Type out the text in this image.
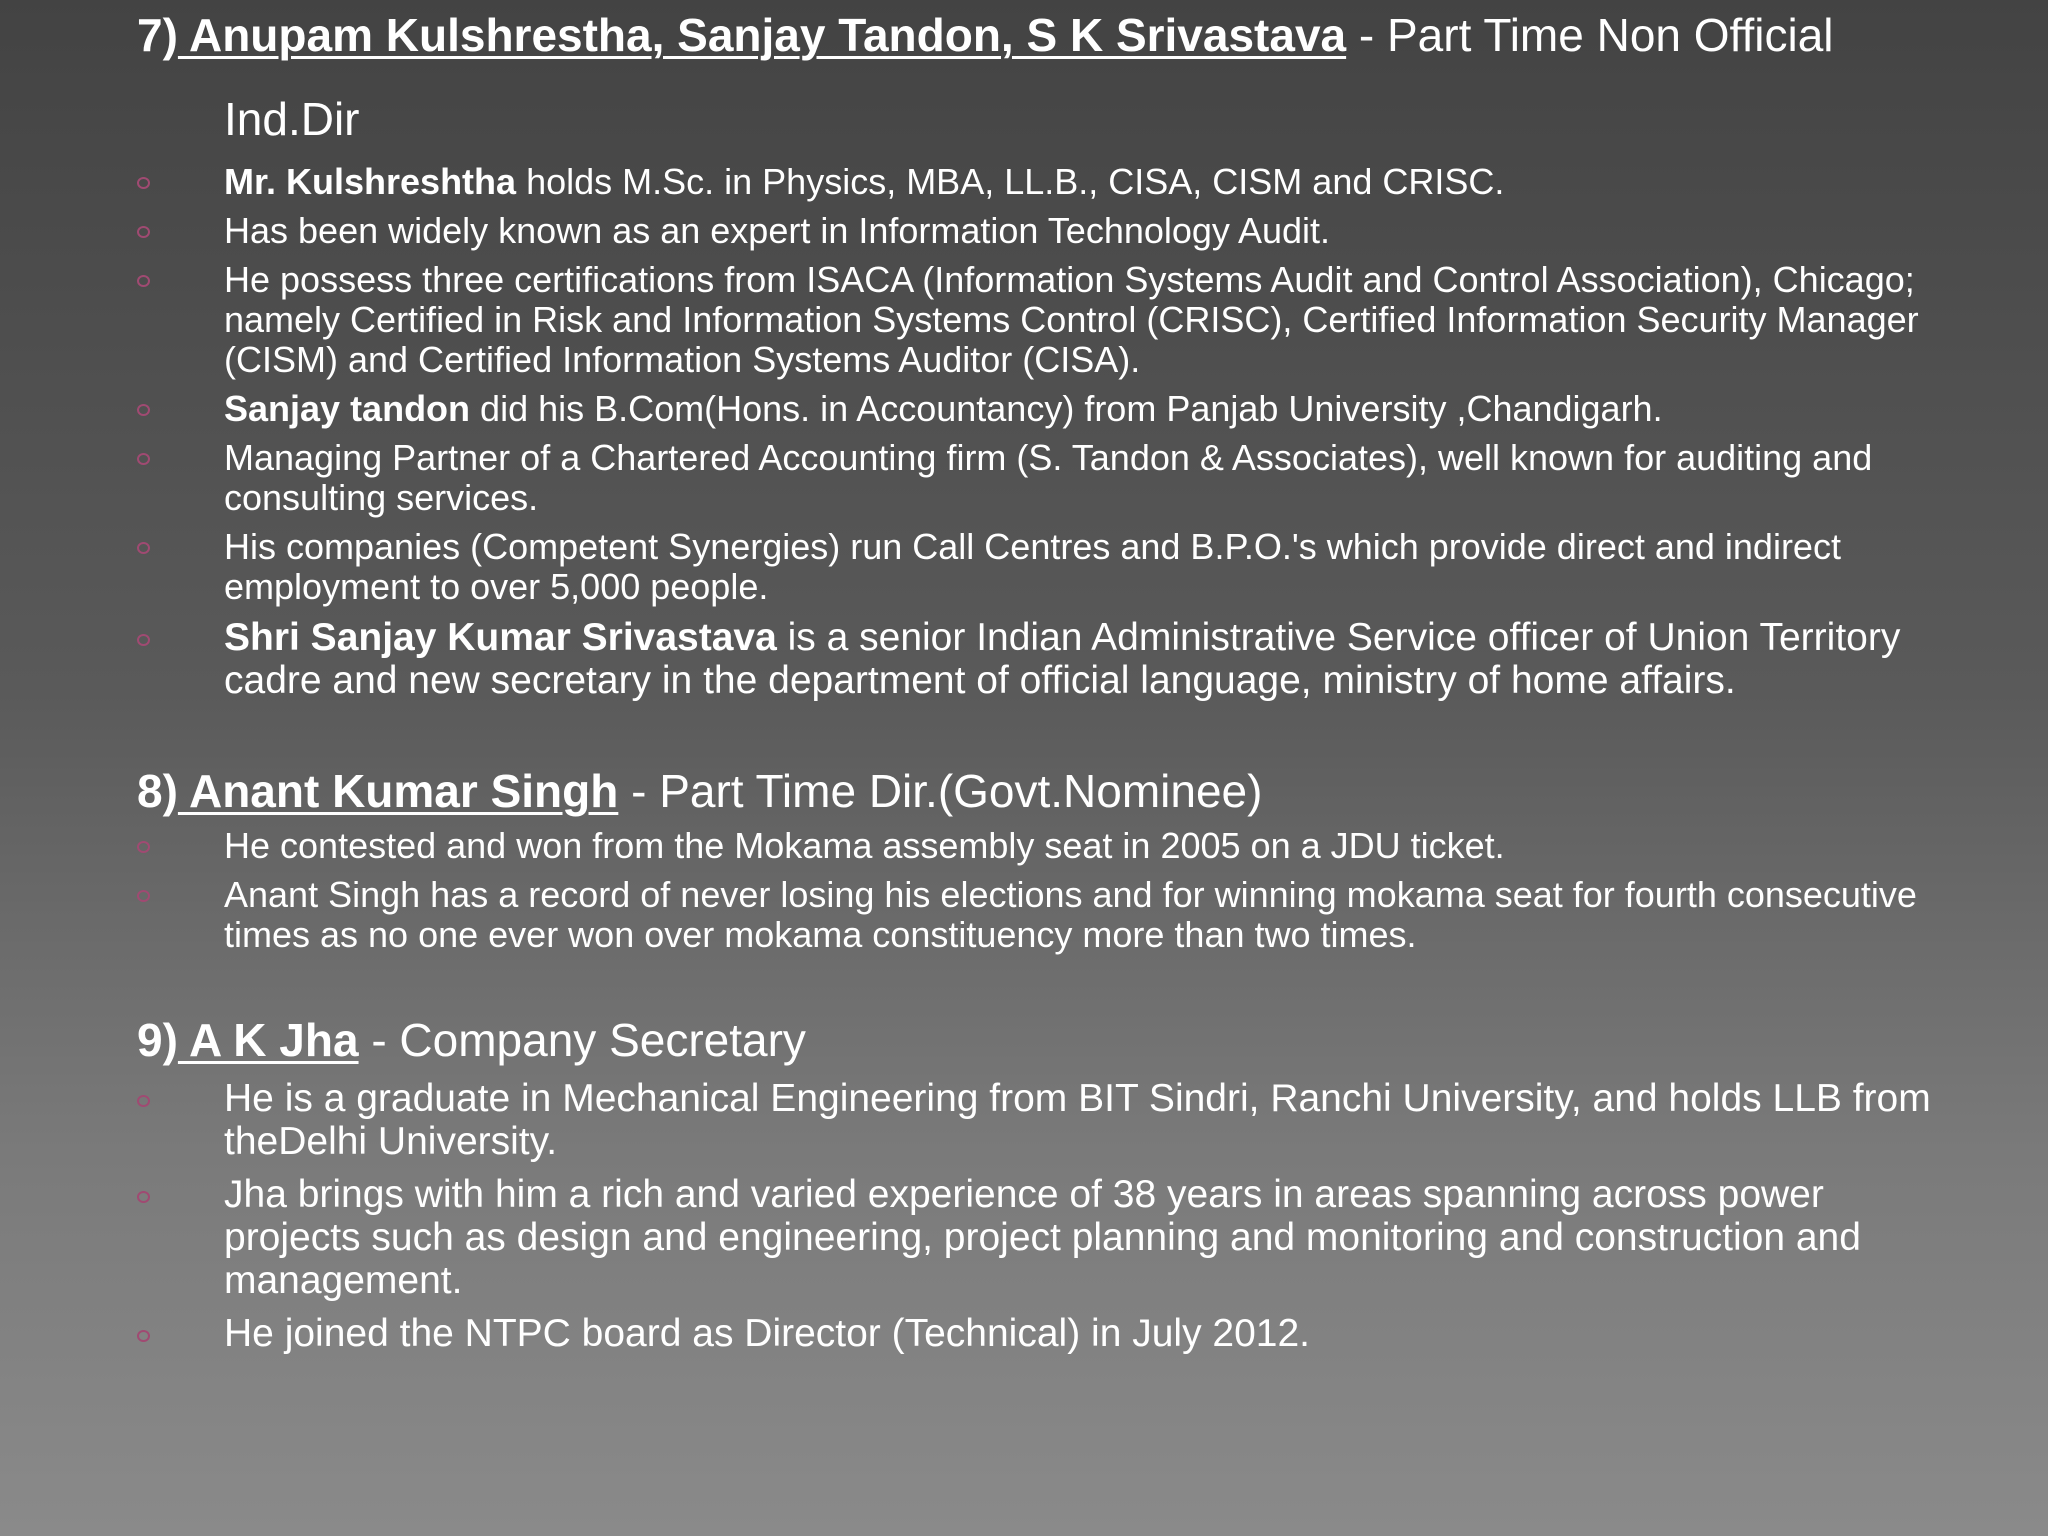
7) Anupam Kulshrestha, Sanjay Tandon, S K Srivastava - Part Time Non Official
Ind.Dir
Mr. Kulshreshtha holds M.Sc. in Physics, MBA, LL.B., CISA, CISM and CRISC.
Has been widely known as an expert in Information Technology Audit.
He possess three certifications from ISACA (Information Systems Audit and Control Association), Chicago; namely Certified in Risk and Information Systems Control (CRISC), Certified Information Security Manager (CISM) and Certified Information Systems Auditor (CISA).
Sanjay tandon did his B.Com(Hons. in Accountancy) from Panjab University ,Chandigarh.
Managing Partner of a Chartered Accounting firm (S. Tandon & Associates), well known for auditing and consulting services.
His companies (Competent Synergies) run Call Centres and B.P.O.'s which provide direct and indirect employment to over 5,000 people.
Shri Sanjay Kumar Srivastava is a senior Indian Administrative Service officer of Union Territory cadre and new secretary in the department of official language, ministry of home affairs.
8) Anant Kumar Singh - Part Time Dir.(Govt.Nominee)
He contested and won from the Mokama assembly seat in 2005 on a JDU ticket.
Anant Singh has a record of never losing his elections and for winning mokama seat for fourth consecutive times as no one ever won over mokama constituency more than two times.
9) A K Jha - Company Secretary
He is a graduate in Mechanical Engineering from BIT Sindri, Ranchi University, and holds LLB from theDelhi University.
Jha brings with him a rich and varied experience of 38 years in areas spanning across power projects such as design and engineering, project planning and monitoring and construction and management.
He joined the NTPC board as Director (Technical) in July 2012.
